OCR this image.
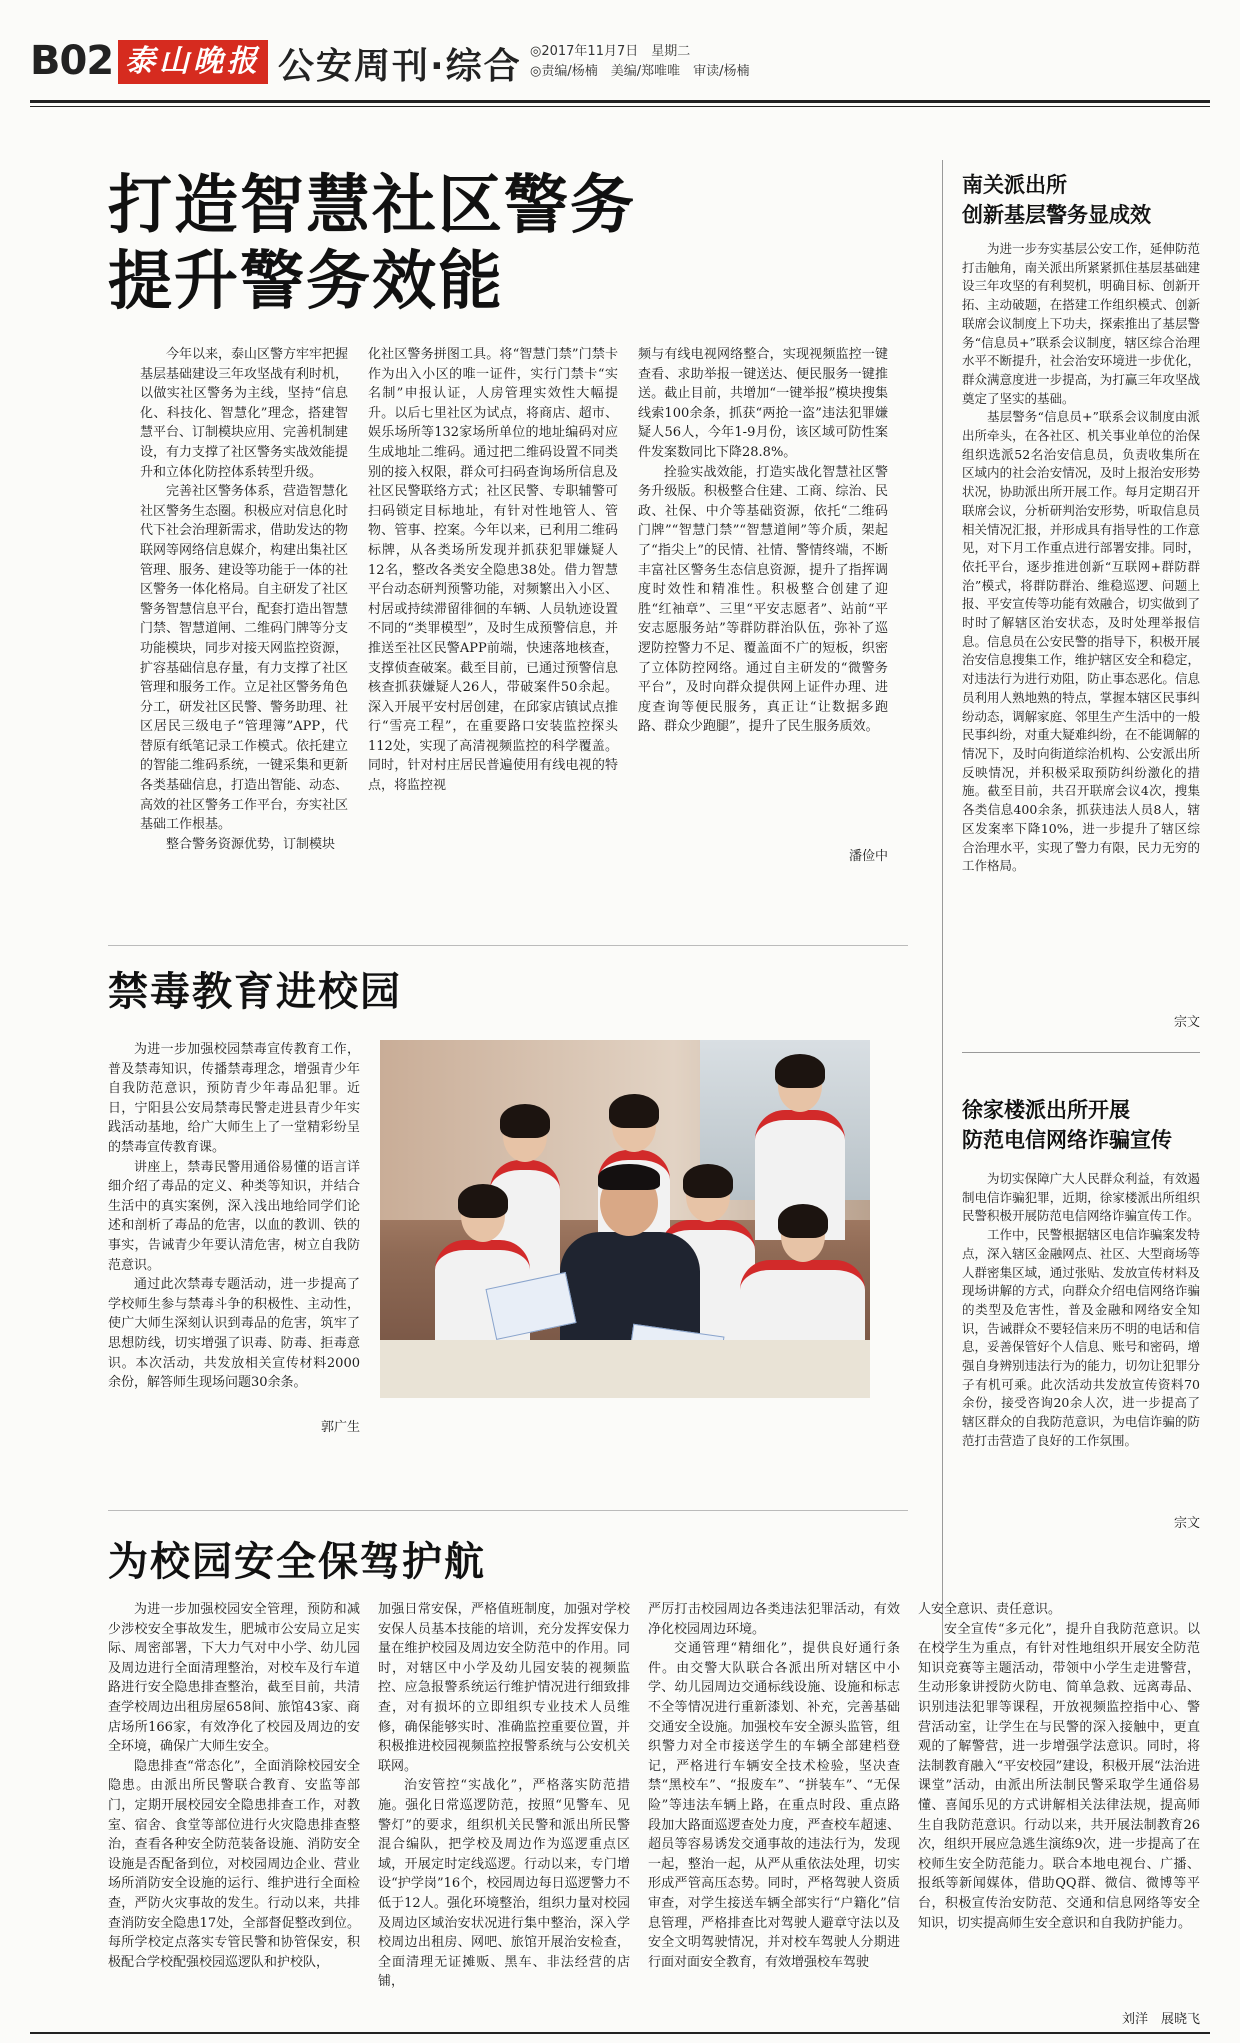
B02 泰山晚报 公安周刊·综合 ◎2017年11月7日　星期二
◎责编/杨楠　美编/郑唯唯　审读/杨楠
打造智慧社区警务
提升警务效能

今年以来，泰山区警方牢牢把握基层基础建设三年攻坚战有利时机，以做实社区警务为主线，坚持“信息化、科技化、智慧化”理念，搭建智慧平台、订制模块应用、完善机制建设，有力支撑了社区警务实战效能提升和立体化防控体系转型升级。

完善社区警务体系，营造智慧化社区警务生态圈。积极应对信息化时代下社会治理新需求，借助发达的物联网等网络信息媒介，构建出集社区管理、服务、建设等功能于一体的社区警务一体化格局。自主研发了社区警务智慧信息平台，配套打造出智慧门禁、智慧道闸、二维码门牌等分支功能模块，同步对接天网监控资源，扩容基础信息存量，有力支撑了社区管理和服务工作。立足社区警务角色分工，研发社区民警、警务助理、社区居民三级电子“管理簿”APP，代替原有纸笔记录工作模式。依托建立的智能二维码系统，一键采集和更新各类基础信息，打造出智能、动态、高效的社区警务工作平台，夯实社区基础工作根基。

整合警务资源优势，订制模块

化社区警务拼图工具。将“智慧门禁”门禁卡作为出入小区的唯一证件，实行门禁卡“实名制”申报认证，人房管理实效性大幅提升。以后七里社区为试点，将商店、超市、娱乐场所等132家场所单位的地址编码对应生成地址二维码。通过把二维码设置不同类别的接入权限，群众可扫码查询场所信息及社区民警联络方式；社区民警、专职辅警可扫码锁定目标地址，有针对性地管人、管物、管事、控案。今年以来，已利用二维码标牌，从各类场所发现并抓获犯罪嫌疑人12名，整改各类安全隐患38处。借力智慧平台动态研判预警功能，对频繁出入小区、村居或持续滞留徘徊的车辆、人员轨迹设置不同的“类罪模型”，及时生成预警信息，并推送至社区民警APP前端，快速落地核查，支撑侦查破案。截至目前，已通过预警信息核查抓获嫌疑人26人，带破案件50余起。深入开展平安村居创建，在邱家店镇试点推行“雪亮工程”，在重要路口安装监控探头112处，实现了高清视频监控的科学覆盖。同时，针对村庄居民普遍使用有线电视的特点，将监控视

频与有线电视网络整合，实现视频监控一键查看、求助举报一键送达、便民服务一键推送。截止目前，共增加“一键举报”模块搜集线索100余条，抓获“两抢一盗”违法犯罪嫌疑人56人，今年1-9月份，该区域可防性案件发案数同比下降28.8%。

拴验实战效能，打造实战化智慧社区警务升级版。积极整合住建、工商、综治、民政、社保、中介等基础资源，依托“二维码门牌”“智慧门禁”“智慧道闸”等介质，架起了“指尖上”的民情、社情、警情终端，不断丰富社区警务生态信息资源，提升了指挥调度时效性和精准性。积极整合创建了迎胜“红袖章”、三里“平安志愿者”、站前“平安志愿服务站”等群防群治队伍，弥补了巡逻防控警力不足、覆盖面不广的短板，织密了立体防控网络。通过自主研发的“微警务平台”，及时向群众提供网上证件办理、进度查询等便民服务，真正让“让数据多跑路、群众少跑腿”，提升了民生服务质效。

潘俭中
南关派出所
创新基层警务显成效

为进一步夯实基层公安工作，延伸防范打击触角，南关派出所紧紧抓住基层基础建设三年攻坚的有利契机，明确目标、创新开拓、主动破题，在搭建工作组织模式、创新联席会议制度上下功夫，探索推出了基层警务“信息员+”联系会议制度，辖区综合治理水平不断提升，社会治安环境进一步优化，群众满意度进一步提高，为打赢三年攻坚战奠定了坚实的基础。

基层警务“信息员+”联系会议制度由派出所牵头，在各社区、机关事业单位的治保组织选派52名治安信息员，负责收集所在区域内的社会治安情况，及时上报治安形势状况，协助派出所开展工作。每月定期召开联席会议，分析研判治安形势，听取信息员相关情况汇报，并形成具有指导性的工作意见，对下月工作重点进行部署安排。同时，依托平台，逐步推进创新“互联网+群防群治”模式，将群防群治、维稳巡逻、问题上报、平安宣传等功能有效融合，切实做到了时时了解辖区治安状态，及时处理举报信息。信息员在公安民警的指导下，积极开展治安信息搜集工作，维护辖区安全和稳定，对违法行为进行劝阻，防止事态恶化。信息员利用人熟地熟的特点，掌握本辖区民事纠纷动态，调解家庭、邻里生产生活中的一般民事纠纷，对重大疑难纠纷，在不能调解的情况下，及时向街道综治机构、公安派出所反映情况，并积极采取预防纠纷激化的措施。截至目前，共召开联席会议4次，搜集各类信息400余条，抓获违法人员8人，辖区发案率下降10%，进一步提升了辖区综合治理水平，实现了警力有限，民力无穷的工作格局。

宗文
徐家楼派出所开展
防范电信网络诈骗宣传

为切实保障广大人民群众利益，有效遏制电信诈骗犯罪，近期，徐家楼派出所组织民警积极开展防范电信网络诈骗宣传工作。

工作中，民警根据辖区电信诈骗案发特点，深入辖区金融网点、社区、大型商场等人群密集区域，通过张贴、发放宣传材料及现场讲解的方式，向群众介绍电信网络诈骗的类型及危害性，普及金融和网络安全知识，告诫群众不要轻信来历不明的电话和信息，妥善保管好个人信息、账号和密码，增强自身辨别违法行为的能力，切勿让犯罪分子有机可乘。此次活动共发放宣传资料70余份，接受咨询20余人次，进一步提高了辖区群众的自我防范意识，为电信诈骗的防范打击营造了良好的工作氛围。

宗文
禁毒教育进校园

为进一步加强校园禁毒宣传教育工作，普及禁毒知识，传播禁毒理念，增强青少年自我防范意识，预防青少年毒品犯罪。近日，宁阳县公安局禁毒民警走进县青少年实践活动基地，给广大师生上了一堂精彩纷呈的禁毒宣传教育课。

讲座上，禁毒民警用通俗易懂的语言详细介绍了毒品的定义、种类等知识，并结合生活中的真实案例，深入浅出地给同学们论述和剖析了毒品的危害，以血的教训、铁的事实，告诫青少年要认清危害，树立自我防范意识。

通过此次禁毒专题活动，进一步提高了学校师生参与禁毒斗争的积极性、主动性，使广大师生深刻认识到毒品的危害，筑牢了思想防线，切实增强了识毒、防毒、拒毒意识。本次活动，共发放相关宣传材料2000余份，解答师生现场问题30余条。

郭广生
为校园安全保驾护航

为进一步加强校园安全管理，预防和减少涉校安全事故发生，肥城市公安局立足实际、周密部署，下大力气对中小学、幼儿园及周边进行全面清理整治，对校车及行车道路进行安全隐患排查整治，截至目前，共清查学校周边出租房屋658间、旅馆43家、商店场所166家，有效净化了校园及周边的安全环境，确保广大师生安全。

隐患排查“常态化”，全面消除校园安全隐患。由派出所民警联合教育、安监等部门，定期开展校园安全隐患排查工作，对教室、宿舍、食堂等部位进行火灾隐患排查整治，查看各种安全防范装备设施、消防安全设施是否配备到位，对校园周边企业、营业场所消防安全设施的运行、维护进行全面检查，严防火灾事故的发生。行动以来，共排查消防安全隐患17处，全部督促整改到位。每所学校定点落实专管民警和协管保安，积极配合学校配强校园巡逻队和护校队，

加强日常安保，严格值班制度，加强对学校安保人员基本技能的培训，充分发挥安保力量在维护校园及周边安全防范中的作用。同时，对辖区中小学及幼儿园安装的视频监控、应急报警系统运行维护情况进行细致排查，对有损坏的立即组织专业技术人员维修，确保能够实时、准确监控重要位置，并积极推进校园视频监控报警系统与公安机关联网。

治安管控“实战化”，严格落实防范措施。强化日常巡逻防范，按照“见警车、见警灯”的要求，组织机关民警和派出所民警混合编队，把学校及周边作为巡逻重点区域，开展定时定线巡逻。行动以来，专门增设“护学岗”16个，校园周边每日巡逻警力不低于12人。强化环境整治，组织力量对校园及周边区域治安状况进行集中整治，深入学校周边出租房、网吧、旅馆开展治安检查，全面清理无证摊贩、黑车、非法经营的店铺，

严厉打击校园周边各类违法犯罪活动，有效净化校园周边环境。

交通管理“精细化”，提供良好通行条件。由交警大队联合各派出所对辖区中小学、幼儿园周边交通标线设施、设施和标志不全等情况进行重新漆划、补充，完善基础交通安全设施。加强校车安全源头监管，组织警力对全市接送学生的车辆全部建档登记，严格进行车辆安全技术检验，坚决查禁“黑校车”、“报废车”、“拼装车”、“无保险”等违法车辆上路，在重点时段、重点路段加大路面巡逻查处力度，严查校车超速、超员等容易诱发交通事故的违法行为，发现一起，整治一起，从严从重依法处理，切实形成严管高压态势。同时，严格驾驶人资质审查，对学生接送车辆全部实行“户籍化”信息管理，严格排查比对驾驶人避章守法以及安全文明驾驶情况，并对校车驾驶人分期进行面对面安全教育，有效增强校车驾驶

人安全意识、责任意识。

安全宣传“多元化”，提升自我防范意识。以在校学生为重点，有针对性地组织开展安全防范知识竞赛等主题活动，带领中小学生走进警营，生动形象讲授防火防电、简单急救、远离毒品、识别违法犯罪等课程，开放视频监控指中心、警营活动室，让学生在与民警的深入接触中，更直观的了解警营，进一步增强学法意识。同时，将法制教育融入“平安校园”建设，积极开展“法治进课堂”活动，由派出所法制民警采取学生通俗易懂、喜闻乐见的方式讲解相关法律法规，提高师生自我防范意识。行动以来，共开展法制教育26次，组织开展应急逃生演练9次，进一步提高了在校师生安全防范能力。联合本地电视台、广播、报纸等新闻媒体，借助QQ群、微信、微博等平台，积极宣传治安防范、交通和信息网络等安全知识，切实提高师生安全意识和自我防护能力。

刘洋　展晓飞
